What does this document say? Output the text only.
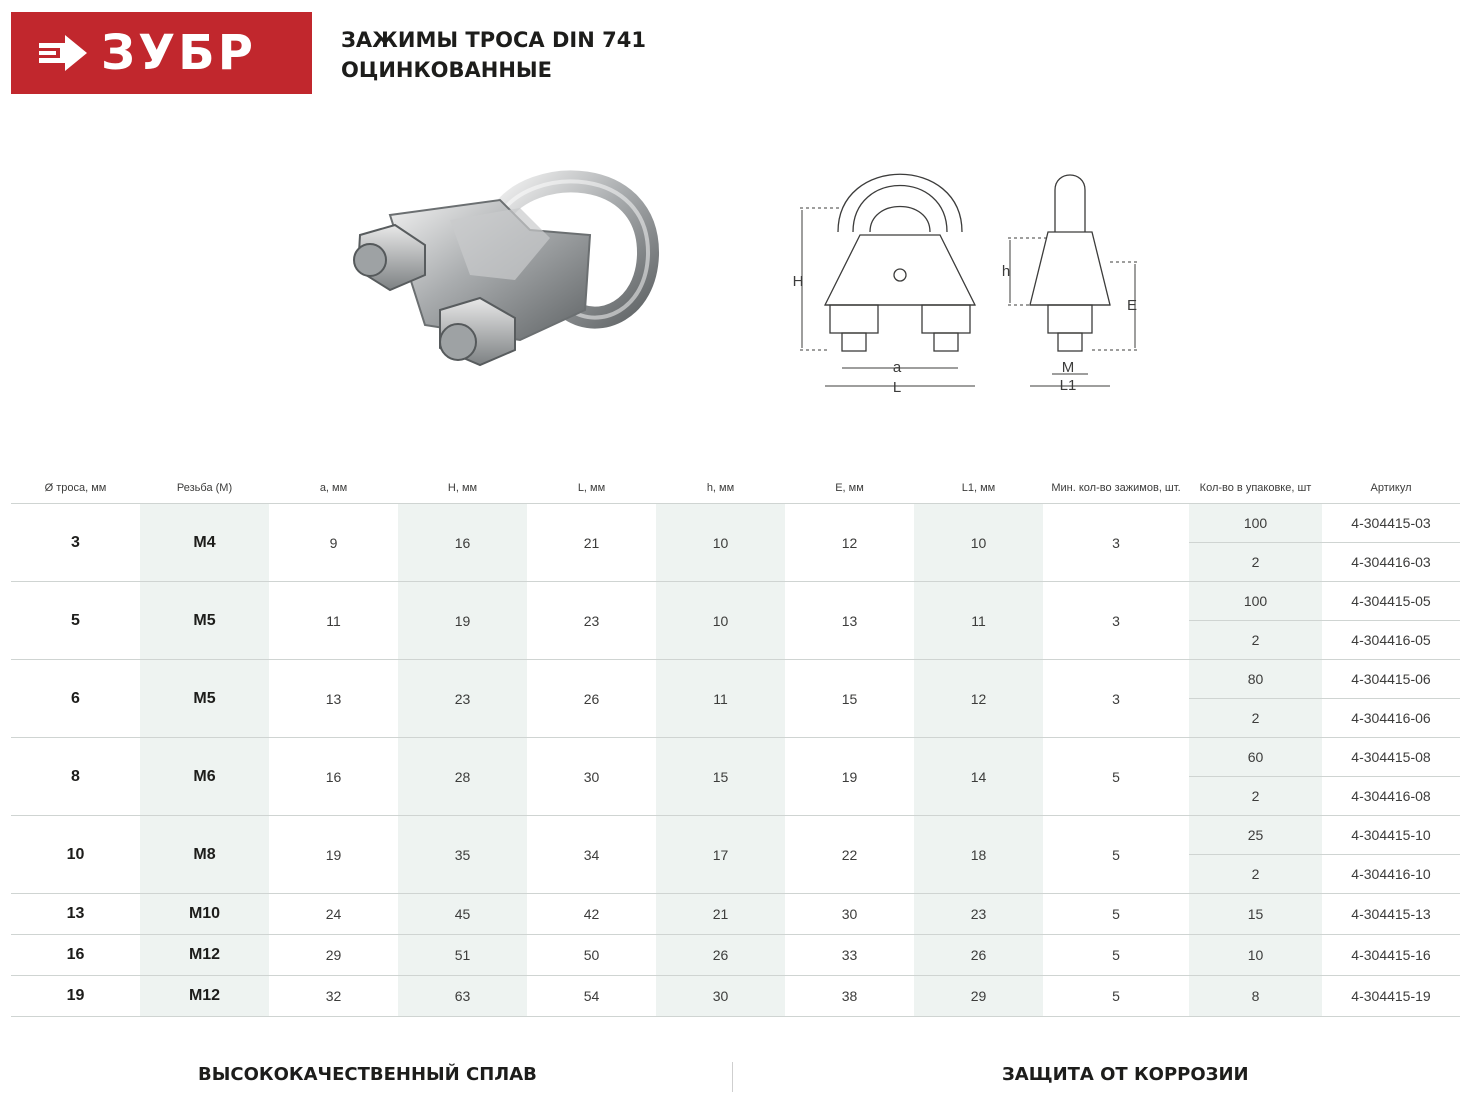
ЗУБР	ЗАЖИМЫ ТРОСА DIN 741
ОЦИНКОВАННЫЕ
H
a
L
h
E
M
L1
Ø троса, мм	Резьба (М)	a, мм	H, мм	L, мм	h, мм	E, мм	L1, мм	Мин. кол-во зажимов, шт.	Кол-во в упаковке, шт	Артикул
3	M4	9	16	21	10	12	10	3	100	4-304415-03
									2	4-304416-03
5	M5	11	19	23	10	13	11	3	100	4-304415-05
									2	4-304416-05
6	M5	13	23	26	11	15	12	3	80	4-304415-06
									2	4-304416-06
8	M6	16	28	30	15	19	14	5	60	4-304415-08
									2	4-304416-08
10	M8	19	35	34	17	22	18	5	25	4-304415-10
									2	4-304416-10
13	M10	24	45	42	21	30	23	5	15	4-304415-13
16	M12	29	51	50	26	33	26	5	10	4-304415-16
19	M12	32	63	54	30	38	29	5	8	4-304415-19
ВЫСОКОКАЧЕСТВЕННЫЙ СПЛАВ	ЗАЩИТА ОТ КОРРОЗИИ
